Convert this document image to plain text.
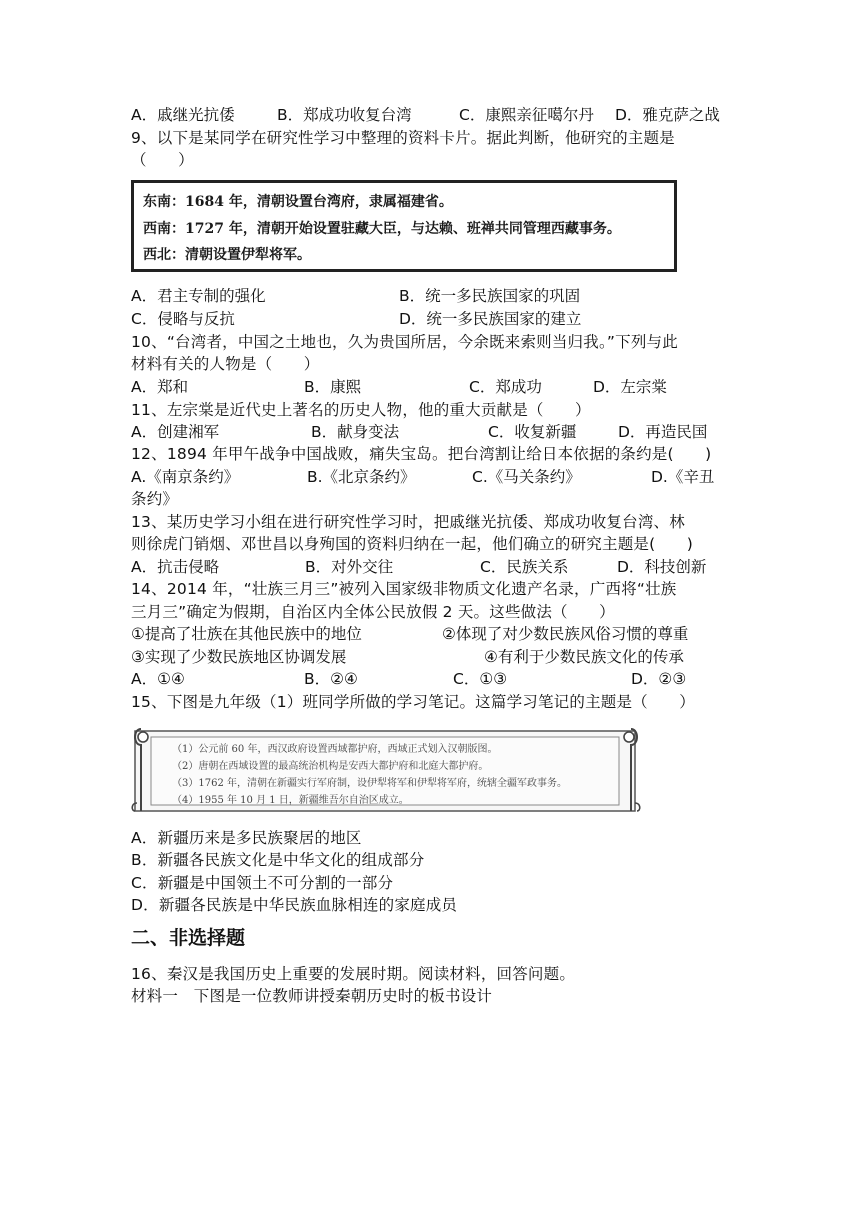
A．戚继光抗倭	B．郑成功收复台湾	C．康熙亲征噶尔丹 D．雅克萨之战
9、以下是某同学在研究性学习中整理的资料卡片。据此判断，他研究的主题是
（　　）
东南：1684 年，清朝设置台湾府，隶属福建省。
西南：1727 年，清朝开始设置驻藏大臣，与达赖、班禅共同管理西藏事务。
西北：清朝设置伊犁将军。
A．君主专制的强化	B．统一多民族国家的巩固
C．侵略与反抗	D．统一多民族国家的建立
10、“台湾者，中国之土地也，久为贵国所居，今余既来索则当归我。”下列与此
材料有关的人物是（　　）
A．郑和	B．康熙	C．郑成功	D．左宗棠
11、左宗棠是近代史上著名的历史人物，他的重大贡献是（　　）
A．创建湘军	B．献身变法	C．收复新疆	D．再造民国
12、1894 年甲午战争中国战败，痛失宝岛。把台湾割让给日本依据的条约是(　　)
A.《南京条约》	B.《北京条约》	C.《马关条约》	D.《辛丑
条约》
13、某历史学习小组在进行研究性学习时，把戚继光抗倭、郑成功收复台湾、林
则徐虎门销烟、邓世昌以身殉国的资料归纳在一起，他们确立的研究主题是(　　)
A．抗击侵略	B．对外交往	C．民族关系	D．科技创新
14、2014 年，“壮族三月三”被列入国家级非物质文化遗产名录，广西将“壮族
三月三”确定为假期，自治区内全体公民放假 2 天。这些做法（　　）
①提高了壮族在其他民族中的地位	②体现了对少数民族风俗习惯的尊重
③实现了少数民族地区协调发展	④有利于少数民族文化的传承
A．①④	B．②④	C．①③	D．②③
15、下图是九年级（1）班同学所做的学习笔记。这篇学习笔记的主题是（　　）
（1）公元前 60 年，西汉政府设置西域都护府，西域正式划入汉朝版图。
（2）唐朝在西域设置的最高统治机构是安西大都护府和北庭大都护府。
（3）1762 年，清朝在新疆实行军府制，设伊犁将军和伊犁将军府，统辖全疆军政事务。
（4）1955 年 10 月 1 日，新疆维吾尔自治区成立。
A．新疆历来是多民族聚居的地区
B．新疆各民族文化是中华文化的组成部分
C．新疆是中国领土不可分割的一部分
D．新疆各民族是中华民族血脉相连的家庭成员
二、非选择题
16、秦汉是我国历史上重要的发展时期。阅读材料，回答问题。
材料一　下图是一位教师讲授秦朝历史时的板书设计
